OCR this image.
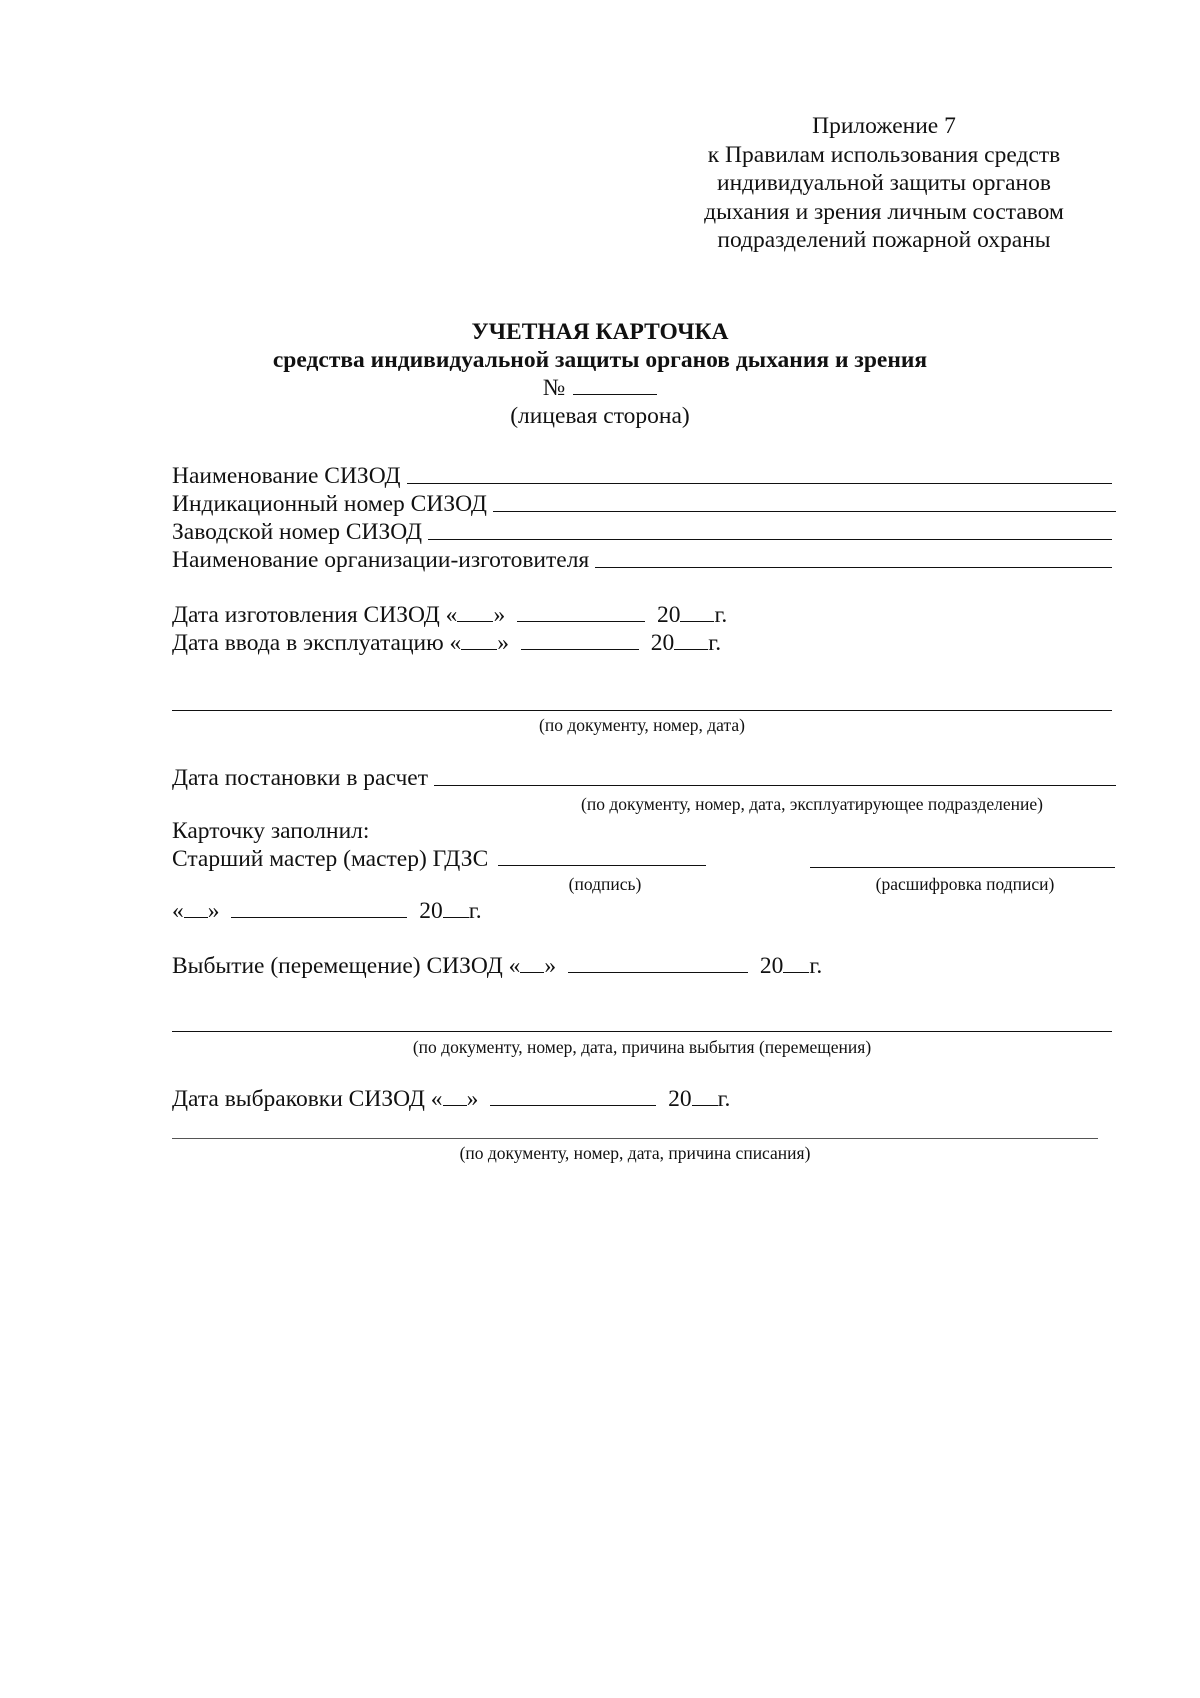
Приложение 7
к Правилам использования средств
индивидуальной защиты органов
дыхания и зрения личным составом
подразделений пожарной охраны
УЧЕТНАЯ КАРТОЧКА
средства индивидуальной защиты органов дыхания и зрения
№
(лицевая сторона)
Наименование СИЗОД
Индикационный номер СИЗОД
Заводской номер СИЗОД
Наименование организации-изготовителя
Дата изготовления СИЗОД « »	20 г.
Дата ввода в эксплуатацию « »	20 г.
(по документу, номер, дата)
Дата постановки в расчет
(по документу, номер, дата, эксплуатирующее подразделение)
Карточку заполнил:
Старший мастер (мастер) ГДЗС
(подпись)	(расшифровка подписи)
« »	20 г.
Выбытие (перемещение) СИЗОД « »	20 г.
(по документу, номер, дата, причина выбытия (перемещения)
Дата выбраковки СИЗОД « »	20 г.
(по документу, номер, дата, причина списания)
